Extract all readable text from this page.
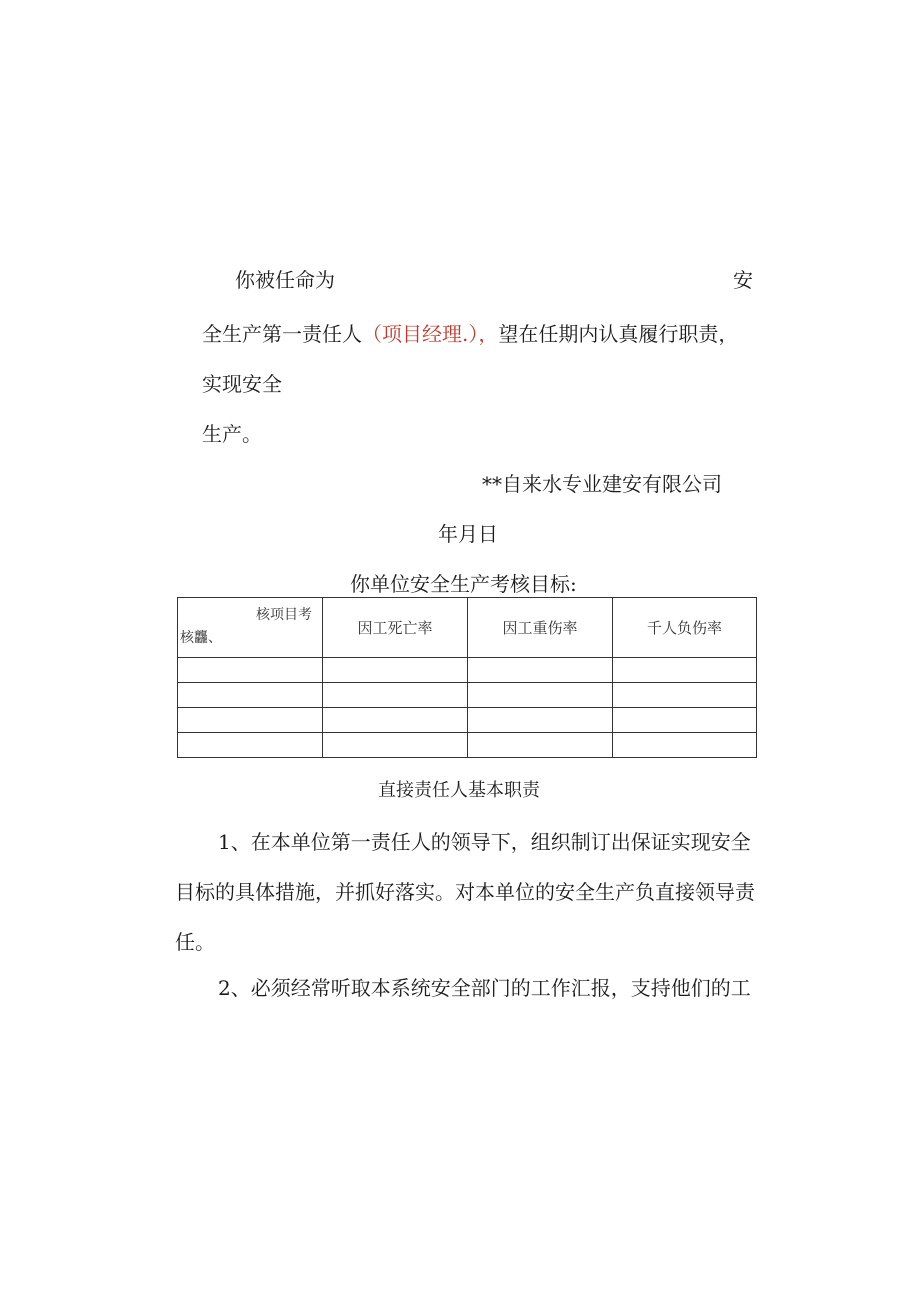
你被任命为	安
全生产第一责任人（项目经理.），望在任期内认真履行职责，
实现安全
生产。
**自来水专业建安有限公司
年月日
你单位安全生产考核目标:
核项目考
核龘、	因工死亡率	因工重伤率	千人负伤率

直接责任人基本职责
1、在本单位第一责任人的领导下，组织制订出保证实现安全
目标的具体措施，并抓好落实。对本单位的安全生产负直接领导责
任。
2、必须经常听取本系统安全部门的工作汇报，支持他们的工
